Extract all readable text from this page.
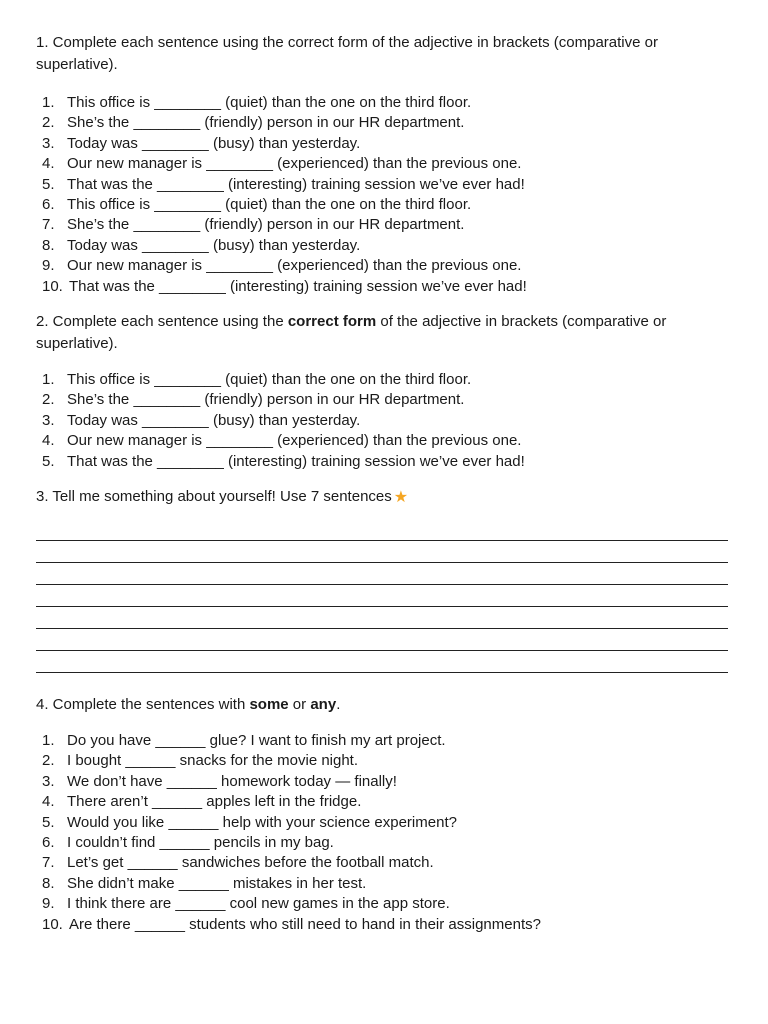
1. Complete each sentence using the correct form of the adjective in brackets (comparative or superlative).
1. This office is ________ (quiet) than the one on the third floor.
2. She’s the ________ (friendly) person in our HR department.
3. Today was ________ (busy) than yesterday.
4. Our new manager is ________ (experienced) than the previous one.
5. That was the ________ (interesting) training session we’ve ever had!
6. This office is ________ (quiet) than the one on the third floor.
7. She’s the ________ (friendly) person in our HR department.
8. Today was ________ (busy) than yesterday.
9. Our new manager is ________ (experienced) than the previous one.
10. That was the ________ (interesting) training session we’ve ever had!
2. Complete each sentence using the correct form of the adjective in brackets (comparative or superlative).
1. This office is ________ (quiet) than the one on the third floor.
2. She’s the ________ (friendly) person in our HR department.
3. Today was ________ (busy) than yesterday.
4. Our new manager is ________ (experienced) than the previous one.
5. That was the ________ (interesting) training session we’ve ever had!
3. Tell me something about yourself! Use 7 sentences ★
4. Complete the sentences with some or any.
1. Do you have ______ glue? I want to finish my art project.
2. I bought ______ snacks for the movie night.
3. We don’t have ______ homework today — finally!
4. There aren’t ______ apples left in the fridge.
5. Would you like ______ help with your science experiment?
6. I couldn’t find ______ pencils in my bag.
7. Let’s get ______ sandwiches before the football match.
8. She didn’t make ______ mistakes in her test.
9. I think there are ______ cool new games in the app store.
10. Are there ______ students who still need to hand in their assignments?
